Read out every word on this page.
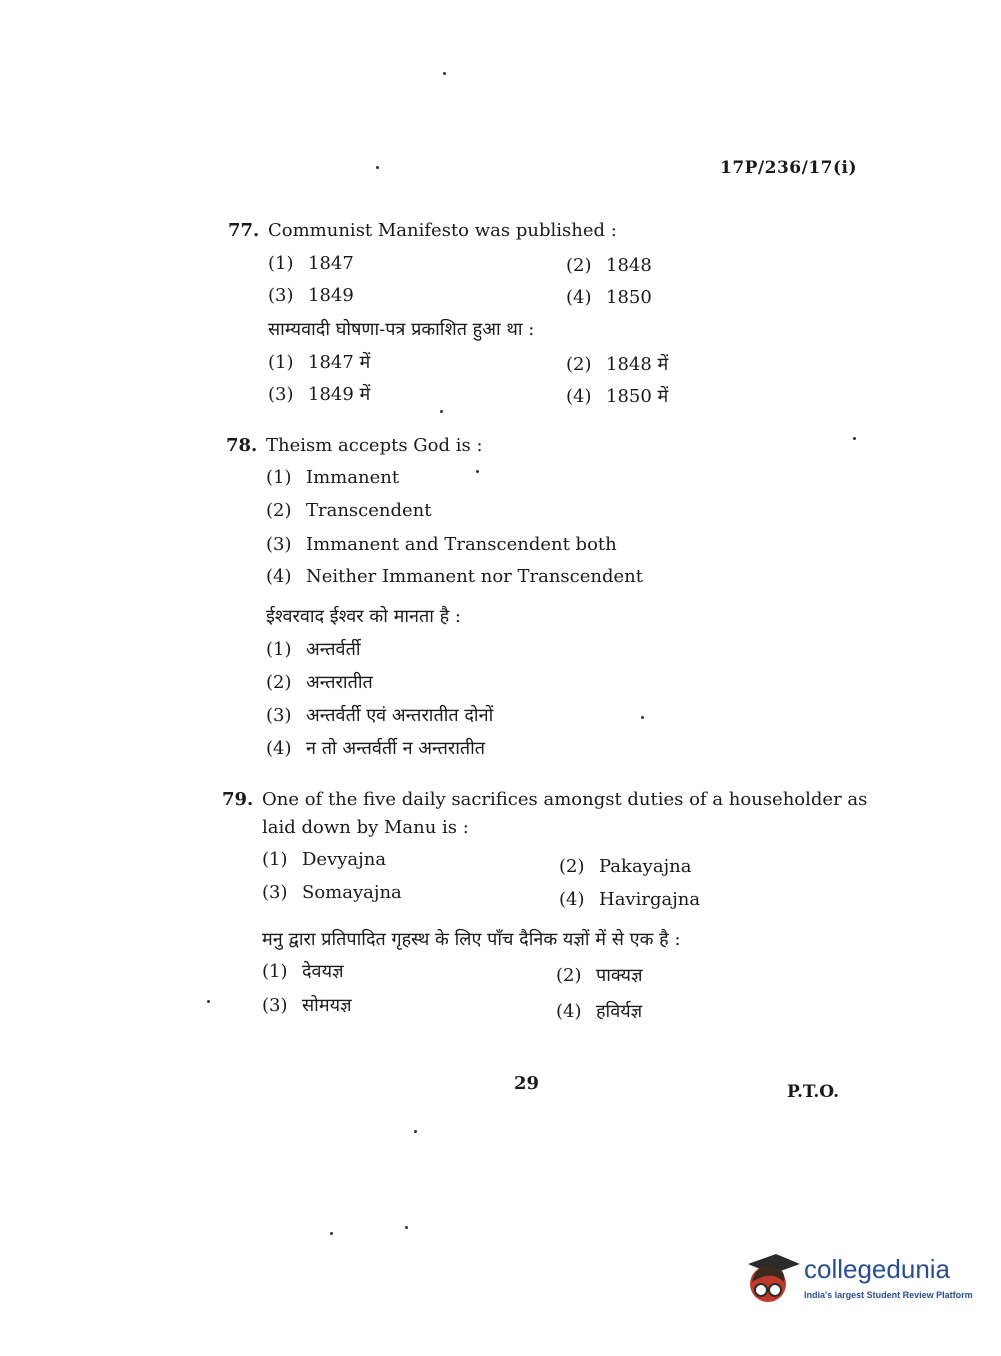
17P/236/17(i)
77. Communist Manifesto was published :
(1) 1847	(2) 1848
(3) 1849	(4) 1850
साम्यवादी घोषणा-पत्र प्रकाशित हुआ था :
(1) 1847 में	(2) 1848 में
(3) 1849 में	(4) 1850 में
78. Theism accepts God is :
(1) Immanent
(2) Transcendent
(3) Immanent and Transcendent both
(4) Neither Immanent nor Transcendent
ईश्वरवाद ईश्वर को मानता है :
(1) अन्तर्वर्ती
(2) अन्तरातीत
(3) अन्तर्वर्ती एवं अन्तरातीत दोनों
(4) न तो अन्तर्वर्ती न अन्तरातीत
79. One of the five daily sacrifices amongst duties of a householder as
laid down by Manu is :
(1) Devyajna	(2) Pakayajna
(3) Somayajna	(4) Havirgajna
मनु द्वारा प्रतिपादित गृहस्थ के लिए पाँच दैनिक यज्ञों में से एक है :
(1) देवयज्ञ	(2) पाक्यज्ञ
(3) सोमयज्ञ	(4) हविर्यज्ञ
29	P.T.O.
collegedunia
India's largest Student Review Platform
